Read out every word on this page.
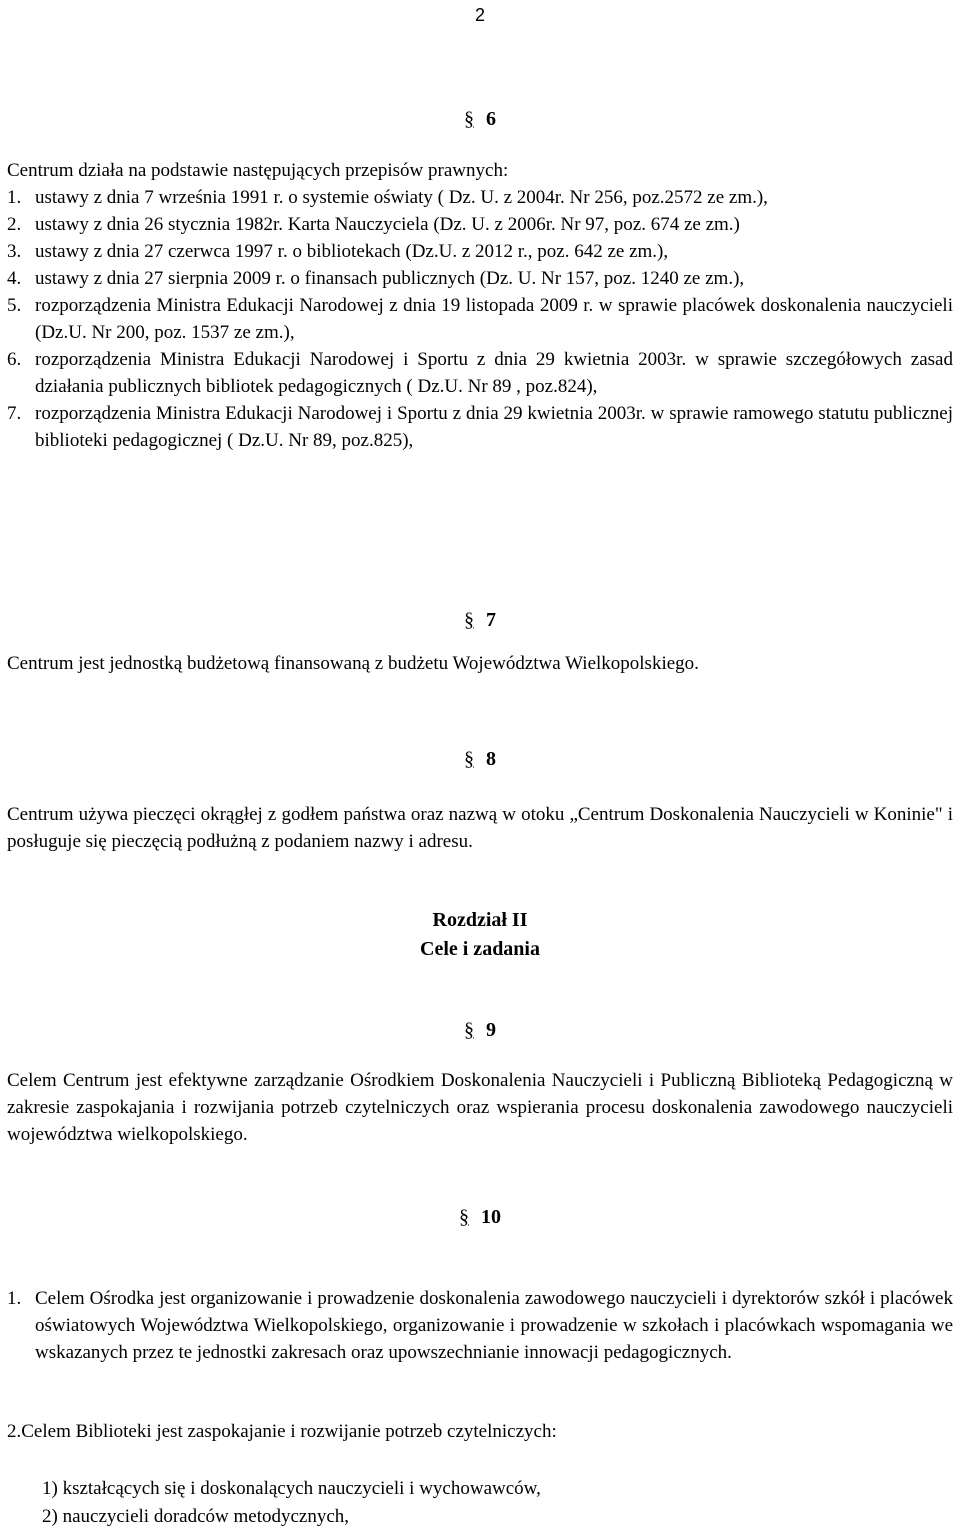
2
§ 6

Centrum działa na podstawie następujących przepisów prawnych:

1. ustawy z dnia 7 września 1991 r. o systemie oświaty ( Dz. U. z 2004r. Nr 256, poz.2572 ze zm.),
2. ustawy z dnia 26 stycznia 1982r. Karta Nauczyciela (Dz. U. z 2006r. Nr 97, poz. 674 ze zm.)
3. ustawy z dnia 27 czerwca 1997 r. o bibliotekach (Dz.U. z 2012 r., poz. 642 ze zm.),
4. ustawy z dnia 27 sierpnia 2009 r. o finansach publicznych (Dz. U. Nr 157, poz. 1240 ze zm.),
5. rozporządzenia Ministra Edukacji Narodowej z dnia 19 listopada 2009 r. w sprawie placówek doskonalenia nauczycieli (Dz.U. Nr 200, poz. 1537 ze zm.),
6. rozporządzenia Ministra Edukacji Narodowej i Sportu z dnia 29 kwietnia 2003r. w sprawie szczegółowych zasad działania publicznych bibliotek pedagogicznych ( Dz.U. Nr 89 , poz.824),
7. rozporządzenia Ministra Edukacji Narodowej i Sportu z dnia 29 kwietnia 2003r. w sprawie ramowego statutu publicznej biblioteki pedagogicznej ( Dz.U. Nr 89, poz.825),
§ 7
Centrum jest jednostką budżetową finansowaną z budżetu Województwa Wielkopolskiego.
§ 8
Centrum używa pieczęci okrągłej z godłem państwa oraz nazwą w otoku „Centrum Doskonalenia Nauczycieli w Koninie" i posługuje się pieczęcią podłużną z podaniem nazwy i adresu.
Rozdział II
Cele i zadania
§ 9
Celem Centrum jest efektywne zarządzanie Ośrodkiem Doskonalenia Nauczycieli i Publiczną Biblioteką Pedagogiczną w zakresie zaspokajania i rozwijania potrzeb czytelniczych oraz wspierania procesu doskonalenia zawodowego nauczycieli województwa wielkopolskiego.
§ 10
1. Celem Ośrodka jest organizowanie i prowadzenie doskonalenia zawodowego nauczycieli i dyrektorów szkół i placówek oświatowych Województwa Wielkopolskiego, organizowanie i prowadzenie w szkołach i placówkach wspomagania we wskazanych przez te jednostki zakresach oraz upowszechnianie innowacji pedagogicznych.
2.Celem Biblioteki jest zaspokajanie i rozwijanie potrzeb czytelniczych:
1) kształcących się i doskonalących nauczycieli i wychowawców,
2) nauczycieli doradców metodycznych,
